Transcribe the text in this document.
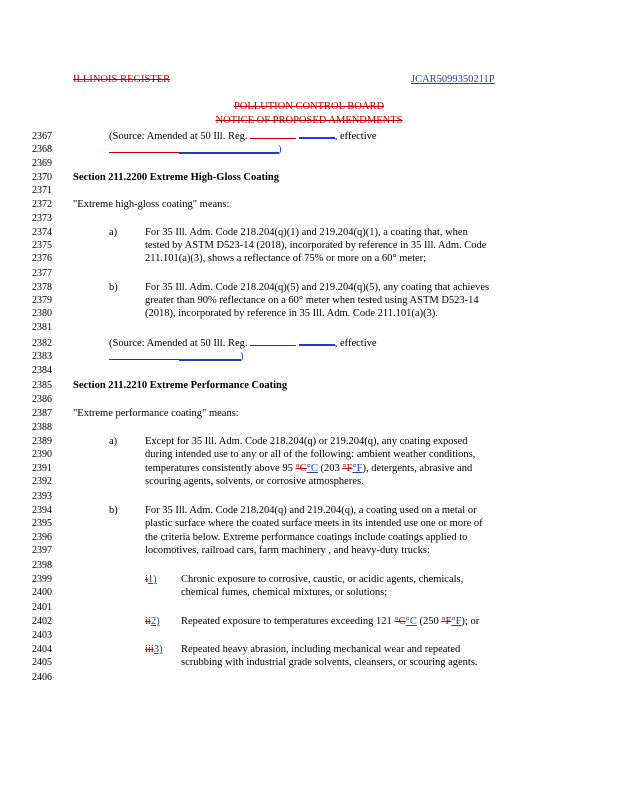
ILLINOIS REGISTER	JCAR5099350211P
POLLUTION CONTROL BOARD
NOTICE OF PROPOSED AMENDMENTS
2367
2368
2369
2370
2371
2372
2373
2374
2375
2376
2377
2378
2379
2380
2381
2382
2383
2384
2385
2386
2387
2388
2389
2390
2391
2392
2393
2394
2395
2396
2397
2398
2399
2400
2401
2402
2403
2404
2405
2406
(Source: Amended at 50 Ill. Reg.	, effective
)
Section 211.2200 Extreme High-Gloss Coating
"Extreme high-gloss coating" means:
a)	For 35 Ill. Adm. Code 218.204(q)(1) and 219.204(q)(1), a coating that, when
tested by ASTM D523-14 (2018), incorporated by reference in 35 Ill. Adm. Code
211.101(a)(3), shows a reflectance of 75% or more on a 60° meter;
b)	For 35 Ill. Adm. Code 218.204(q)(5) and 219.204(q)(5), any coating that achieves
greater than 90% reflectance on a 60° meter when tested using ASTM D523-14
(2018), incorporated by reference in 35 Ill. Adm. Code 211.101(a)(3).
(Source: Amended at 50 Ill. Reg.	, effective
)
Section 211.2210 Extreme Performance Coating
"Extreme performance coating" means:
a)	Except for 35 Ill. Adm. Code 218.204(q) or 219.204(q), any coating exposed
during intended use to any or all of the following: ambient weather conditions,
temperatures consistently above 95 °C°C (203 °F°F), detergents, abrasive and
scouring agents, solvents, or corrosive atmospheres.
b)	For 35 Ill. Adm. Code 218.204(q) and 219.204(q), a coating used on a metal or
plastic surface where the coated surface meets in its intended use one or more of
the criteria below. Extreme performance coatings include coatings applied to
locomotives, railroad cars, farm machinery , and heavy-duty trucks:
i1) Chronic exposure to corrosive, caustic, or acidic agents, chemicals,
chemical fumes, chemical mixtures, or solutions;
ii2) Repeated exposure to temperatures exceeding 121 °C°C (250 °F°F); or
iii3) Repeated heavy abrasion, including mechanical wear and repeated
scrubbing with industrial grade solvents, cleansers, or scouring agents.
